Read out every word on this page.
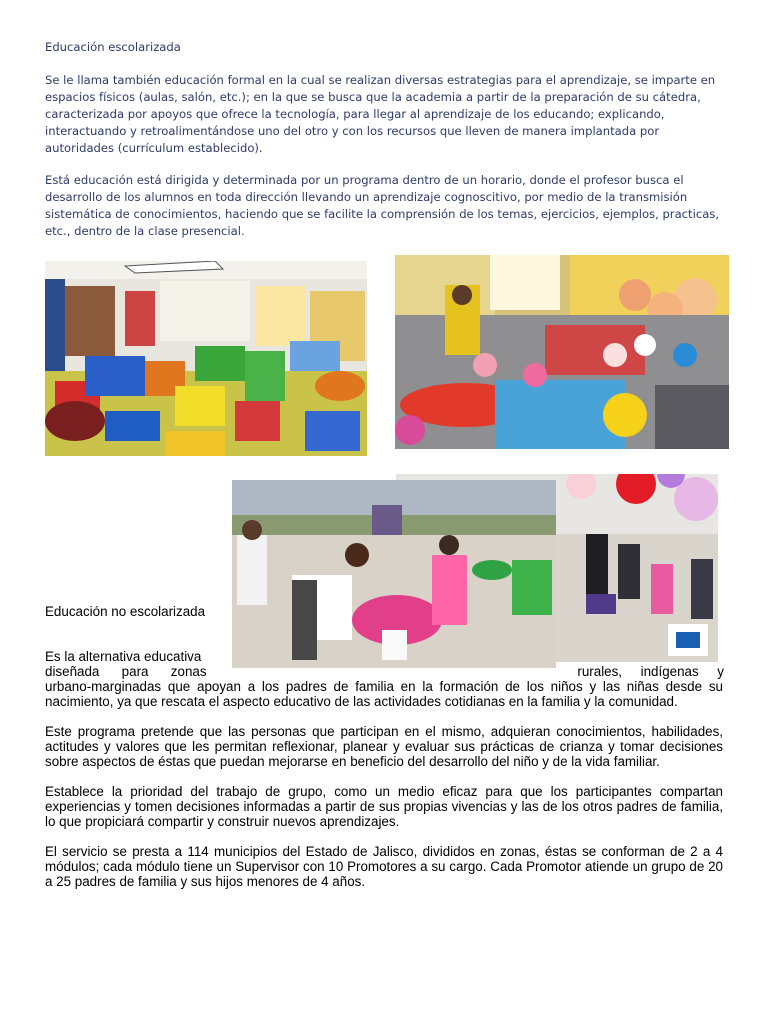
Educación escolarizada
Se le llama también educación formal en la cual se realizan diversas estrategias para el aprendizaje, se imparte en espacios físicos (aulas, salón, etc.); en la que se busca que la academia a partir de la preparación de su cátedra, caracterizada por apoyos que ofrece la tecnología, para llegar al aprendizaje de los educando; explicando, interactuando y retroalimentándose uno del otro y con los recursos que lleven de manera implantada por autoridades (currículum establecido).
Está educación está dirigida y determinada por un programa dentro de un horario, donde el profesor busca el desarrollo de los alumnos en toda dirección llevando un aprendizaje cognoscitivo, por medio de la transmisión sistemática de conocimientos, haciendo que se facilite la comprensión de los temas, ejercicios, ejemplos, practicas, etc., dentro de la clase presencial.
Educación no escolarizada
Es la alternativa educativa
diseñada      para      zonas	rurales,     indígenas     y

urbano-marginadas que apoyan a los padres de familia en la formación de los niños y las niñas desde su nacimiento, ya que rescata el aspecto educativo de las actividades cotidianas en la familia y la comunidad.

Este programa pretende que las personas que participan en el mismo, adquieran conocimientos, habilidades, actitudes y valores que les permitan reflexionar, planear y evaluar sus prácticas de crianza y tomar decisiones sobre aspectos de éstas que puedan mejorarse en beneficio del desarrollo del niño y de la vida familiar.

Establece la prioridad del trabajo de grupo, como un medio eficaz para que los participantes compartan experiencias y tomen decisiones informadas a partir de sus propias vivencias y las de los otros padres de familia, lo que propiciará compartir y construir nuevos aprendizajes.

El servicio se presta a 114 municipios del Estado de Jalisco, divididos en zonas, éstas se conforman de 2 a 4 módulos; cada módulo tiene un Supervisor con 10 Promotores a su cargo. Cada Promotor atiende un grupo de 20 a 25 padres de familia y sus hijos menores de 4 años.
